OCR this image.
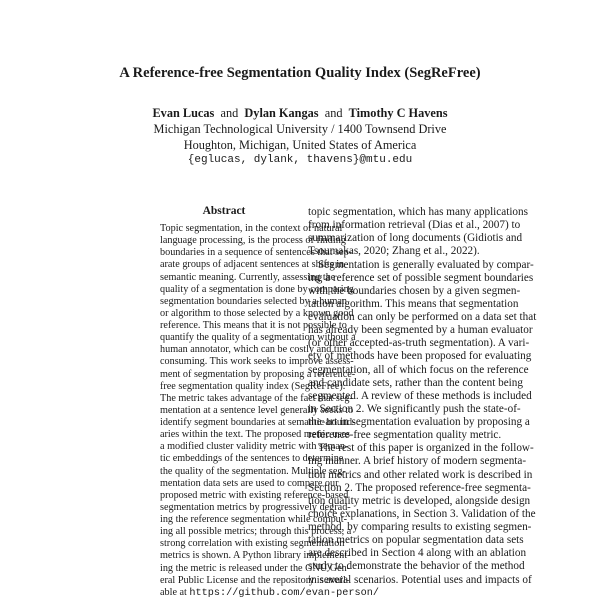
A Reference-free Segmentation Quality Index (SegReFree)
Evan Lucas and Dylan Kangas and Timothy C Havens
Michigan Technological University / 1400 Townsend Drive
Houghton, Michigan, United States of America
{eglucas, dylank, thavens}@mtu.edu
Abstract
Topic segmentation, in the context of natural
language processing, is the process of finding
boundaries in a sequence of sentences that sep-
arate groups of adjacent sentences at shifts in
semantic meaning. Currently, assessing the
quality of a segmentation is done by comparing
segmentation boundaries selected by a human
or algorithm to those selected by a known good
reference. This means that it is not possible to
quantify the quality of a segmentation without a
human annotator, which can be costly and time
consuming. This work seeks to improve assess-
ment of segmentation by proposing a reference-
free segmentation quality index (SegReFree).
The metric takes advantage of the fact that seg-
mentation at a sentence level generally seeks to
identify segment boundaries at semantic bound-
aries within the text. The proposed metric uses
a modified cluster validity metric with seman-
tic embeddings of the sentences to determine
the quality of the segmentation. Multiple seg-
mentation data sets are used to compare our
proposed metric with existing reference-based
segmentation metrics by progressively degrad-
ing the reference segmentation while comput-
ing all possible metrics; through this process, a
strong correlation with existing segmentation
metrics is shown. A Python library implement-
ing the metric is released under the GNU Gen-
eral Public License and the repository is avail-
able at https://github.com/evan-person/
topic segmentation, which has many applications
from information retrieval (Dias et al., 2007) to
summarization of long documents (Gidiotis and
Tsoumakas, 2020; Zhang et al., 2022).
Segmentation is generally evaluated by compar-
ing a reference set of possible segment boundaries
with the boundaries chosen by a given segmen-
tation algorithm. This means that segmentation
evaluation can only be performed on a data set that
has already been segmented by a human evaluator
(or other accepted-as-truth segmentation). A vari-
ety of methods have been proposed for evaluating
segmentation, all of which focus on the reference
and candidate sets, rather than the content being
segmented. A review of these methods is included
in Section 2. We significantly push the state-of-
the-art in segmentation evaluation by proposing a
reference-free segmentation quality metric.
The rest of this paper is organized in the follow-
ing manner. A brief history of modern segmenta-
tion metrics and other related work is described in
Section 2. The proposed reference-free segmenta-
tion quality metric is developed, alongside design
choice explanations, in Section 3. Validation of the
method, by comparing results to existing segmen-
tation metrics on popular segmentation data sets
are described in Section 4 along with an ablation
study to demonstrate the behavior of the method
in several scenarios. Potential uses and impacts of
